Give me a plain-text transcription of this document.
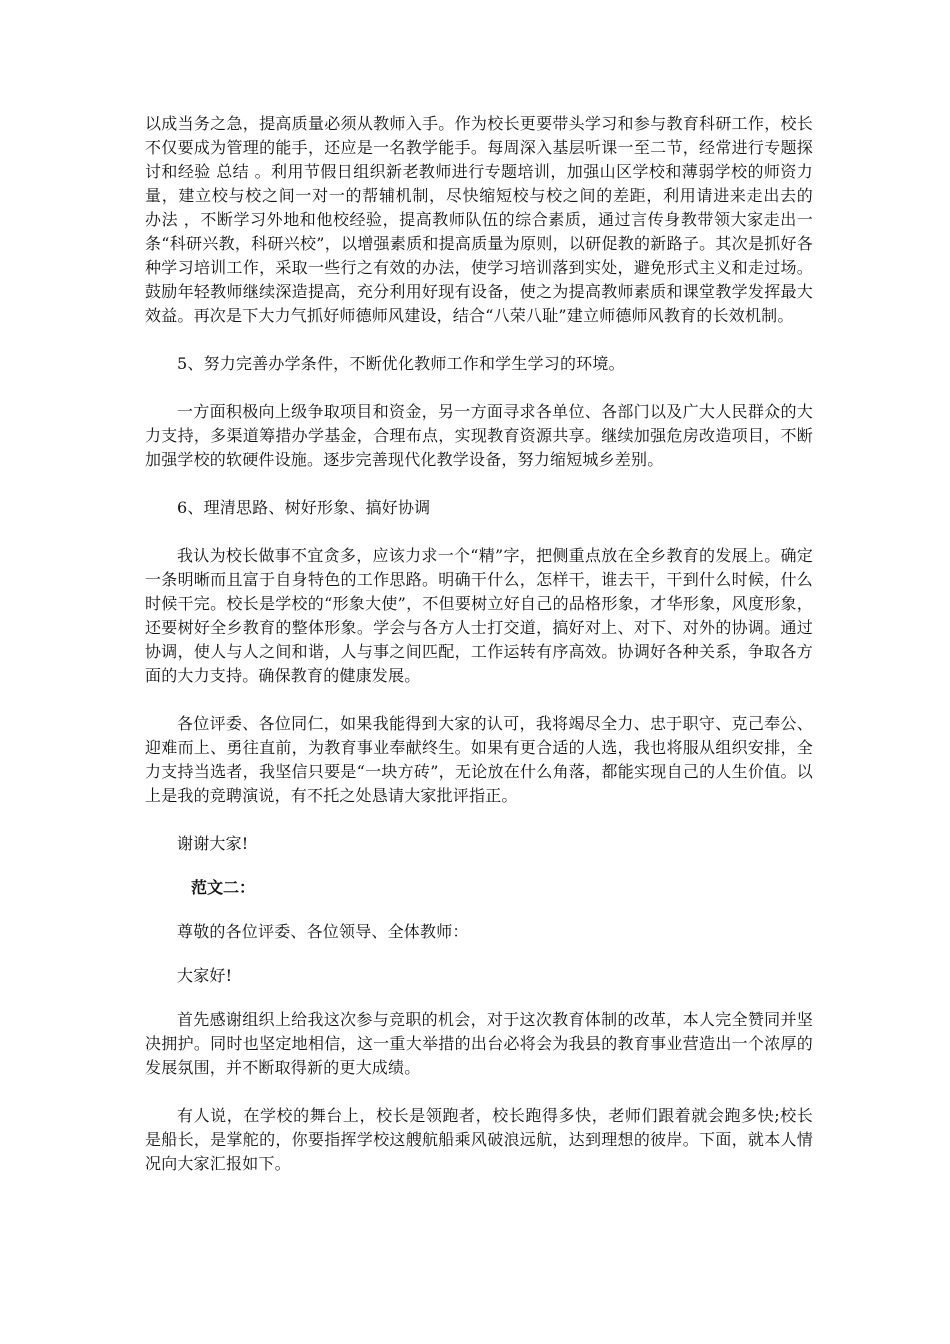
以成当务之急，提高质量必须从教师入手。作为校长更要带头学习和参与教育科研工作，校长不仅要成为管理的能手，还应是一名教学能手。每周深入基层听课一至二节，经常进行专题探讨和经验 总结 。利用节假日组织新老教师进行专题培训，加强山区学校和薄弱学校的师资力量，建立校与校之间一对一的帮辅机制，尽快缩短校与校之间的差距，利用请进来走出去的 办法 ，不断学习外地和他校经验，提高教师队伍的综合素质，通过言传身教带领大家走出一条“科研兴教，科研兴校”，以增强素质和提高质量为原则，以研促教的新路子。其次是抓好各种学习培训工作，采取一些行之有效的办法，使学习培训落到实处，避免形式主义和走过场。鼓励年轻教师继续深造提高，充分利用好现有设备，使之为提高教师素质和课堂教学发挥最大效益。再次是下大力气抓好师德师风建设，结合“八荣八耻”建立师德师风教育的长效机制。

5、努力完善办学条件，不断优化教师工作和学生学习的环境。

一方面积极向上级争取项目和资金，另一方面寻求各单位、各部门以及广大人民群众的大力支持，多渠道筹措办学基金，合理布点，实现教育资源共享。继续加强危房改造项目，不断加强学校的软硬件设施。逐步完善现代化教学设备，努力缩短城乡差别。

6、理清思路、树好形象、搞好协调

我认为校长做事不宜贪多，应该力求一个“精”字，把侧重点放在全乡教育的发展上。确定一条明晰而且富于自身特色的工作思路。明确干什么，怎样干，谁去干，干到什么时候，什么时候干完。校长是学校的“形象大使”，不但要树立好自己的品格形象，才华形象，风度形象，还要树好全乡教育的整体形象。学会与各方人士打交道，搞好对上、对下、对外的协调。通过协调，使人与人之间和谐，人与事之间匹配，工作运转有序高效。协调好各种关系，争取各方面的大力支持。确保教育的健康发展。

各位评委、各位同仁，如果我能得到大家的认可，我将竭尽全力、忠于职守、克己奉公、迎难而上、勇往直前，为教育事业奉献终生。如果有更合适的人选，我也将服从组织安排，全力支持当选者，我坚信只要是“一块方砖”，无论放在什么角落，都能实现自己的人生价值。以上是我的竞聘演说，有不托之处恳请大家批评指正。

谢谢大家!

范文二：

尊敬的各位评委、各位领导、全体教师：

大家好!

首先感谢组织上给我这次参与竞职的机会，对于这次教育体制的改革，本人完全赞同并坚决拥护。同时也坚定地相信，这一重大举措的出台必将会为我县的教育事业营造出一个浓厚的发展氛围，并不断取得新的更大成绩。

有人说，在学校的舞台上，校长是领跑者，校长跑得多快，老师们跟着就会跑多快;校长是船长，是掌舵的，你要指挥学校这艘航船乘风破浪远航，达到理想的彼岸。下面，就本人情况向大家汇报如下。
